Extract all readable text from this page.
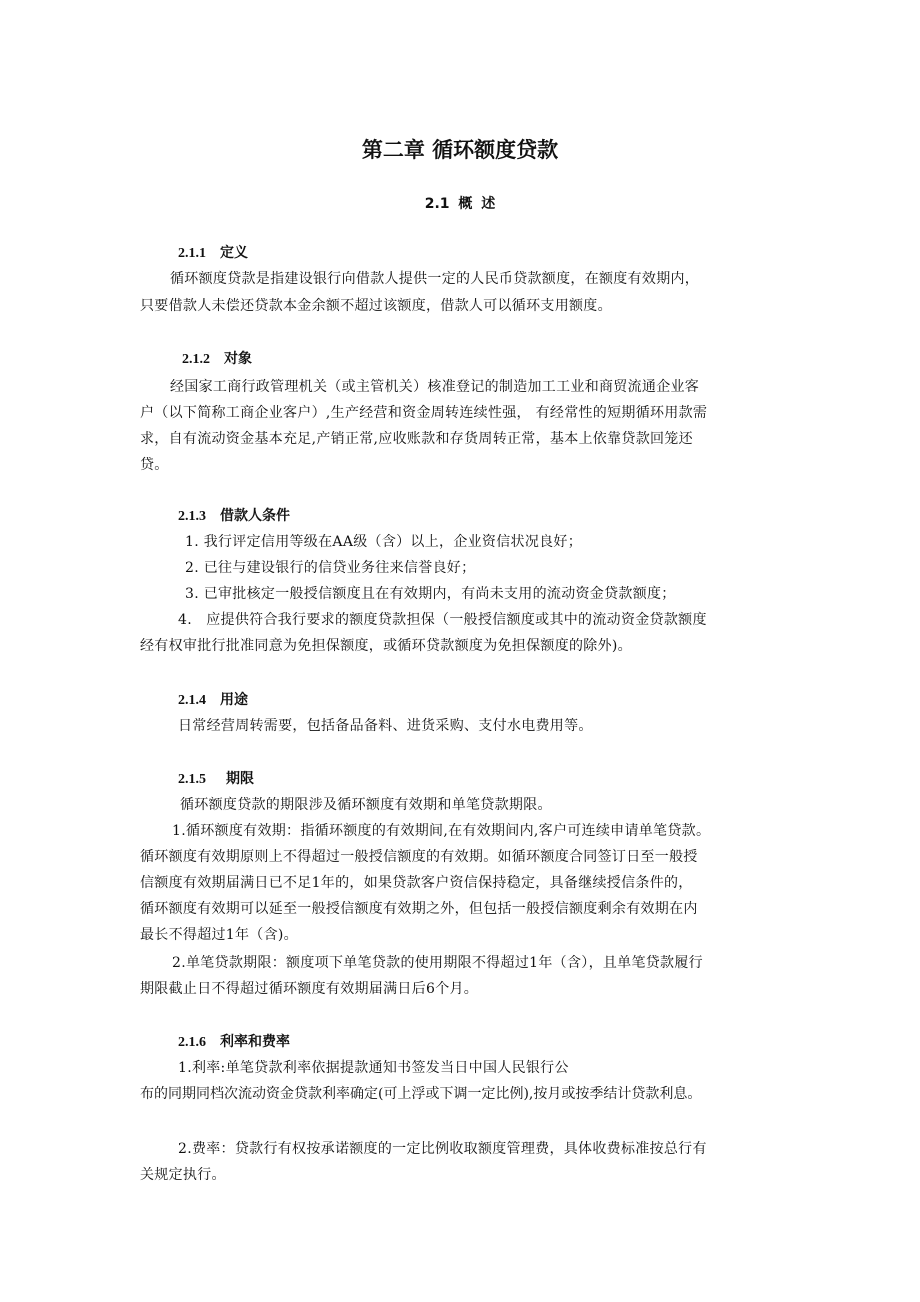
第二章 循环额度贷款
2.1 概 述
2.1.1 定义
循环额度贷款是指建设银行向借款人提供一定的人民币贷款额度，在额度有效期内，
只要借款人未偿还贷款本金余额不超过该额度，借款人可以循环支用额度。
2.1.2 对象
经国家工商行政管理机关（或主管机关）核准登记的制造加工工业和商贸流通企业客
户（以下简称工商企业客户）,生产经营和资金周转连续性强， 有经常性的短期循环用款需
求，自有流动资金基本充足,产销正常,应收账款和存货周转正常，基本上依靠贷款回笼还
贷。
2.1.3 借款人条件
1. 我行评定信用等级在AA级（含）以上，企业资信状况良好；
2. 已往与建设银行的信贷业务往来信誉良好；
3. 已审批核定一般授信额度且在有效期内，有尚未支用的流动资金贷款额度；
4.　应提供符合我行要求的额度贷款担保（一般授信额度或其中的流动资金贷款额度
经有权审批行批准同意为免担保额度，或循环贷款额度为免担保额度的除外)。
2.1.4 用途
日常经营周转需要，包括备品备料、进货采购、支付水电费用等。
2.1.5 期限
循环额度贷款的期限涉及循环额度有效期和单笔贷款期限。
1.循环额度有效期：指循环额度的有效期间,在有效期间内,客户可连续申请单笔贷款。
循环额度有效期原则上不得超过一般授信额度的有效期。如循环额度合同签订日至一般授
信额度有效期届满日已不足1年的，如果贷款客户资信保持稳定，具备继续授信条件的，
循环额度有效期可以延至一般授信额度有效期之外，但包括一般授信额度剩余有效期在内
最长不得超过1年（含)。
2.单笔贷款期限：额度项下单笔贷款的使用期限不得超过1年（含），且单笔贷款履行
期限截止日不得超过循环额度有效期届满日后6个月。
2.1.6 利率和费率
1.利率:单笔贷款利率依据提款通知书签发当日中国人民银行公
布的同期同档次流动资金贷款利率确定(可上浮或下调一定比例),按月或按季结计贷款利息。
2.费率：贷款行有权按承诺额度的一定比例收取额度管理费，具体收费标准按总行有
关规定执行。
